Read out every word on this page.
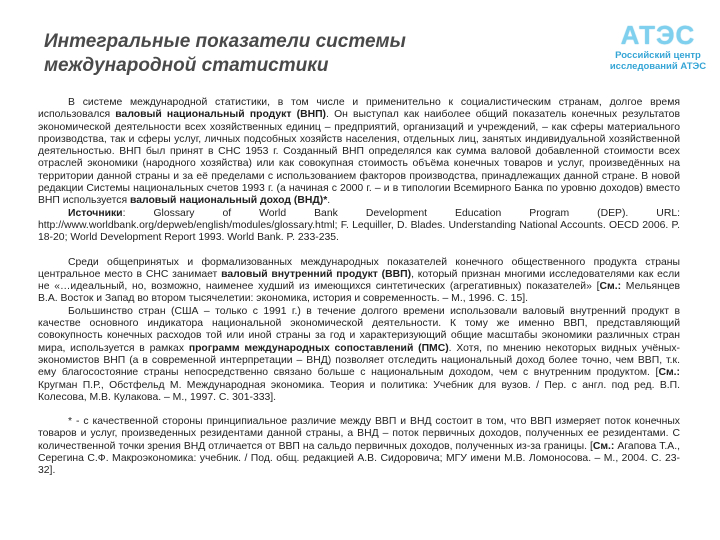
Интегральные показатели системы
международной статистики
АТЭС
Российский центр
исследований АТЭС

В системе международной статистики, в том числе и применительно к социалистическим странам, долгое время использовался валовый национальный продукт (ВНП). Он выступал как наиболее общий показатель конечных результатов экономической деятельности всех хозяйственных единиц – предприятий, организаций и учреждений, – как сферы материального производства, так и сферы услуг, личных подсобных хозяйств населения, отдельных лиц, занятых индивидуальной хозяйственной деятельностью. ВНП был принят в СНС 1953 г. Созданный ВНП определялся как сумма валовой добавленной стоимости всех отраслей экономики (народного хозяйства) или как совокупная стоимость объёма конечных товаров и услуг, произведённых на территории данной страны и за её пределами с использованием факторов производства, принадлежащих данной стране. В новой редакции Системы национальных счетов 1993 г. (а начиная с 2000 г. – и в типологии Всемирного Банка по уровню доходов) вместо ВНП используется валовый национальный доход (ВНД)*.

Источники: Glossary of World Bank Development Education Program (DEP). URL: http://www.worldbank.org/depweb/english/modules/glossary.html; F. Lequiller, D. Blades. Understanding National Accounts. OECD 2006. P. 18-20; World Development Report 1993. World Bank. P. 233-235.

Среди общепринятых и формализованных международных показателей конечного общественного продукта страны центральное место в СНС занимает валовый внутренний продукт (ВВП), который признан многими исследователями как если не «…идеальный, но, возможно, наименее худший из имеющихся синтетических (агрегативных) показателей» [См.: Мельянцев В.А. Восток и Запад во втором тысячелетии: экономика, история и современность. – М., 1996. С. 15].

Большинство стран (США – только с 1991 г.) в течение долгого времени использовали валовый внутренний продукт в качестве основного индикатора национальной экономической деятельности. К тому же именно ВВП, представляющий совокупность конечных расходов той или иной страны за год и характеризующий общие масштабы экономики различных стран мира, используется в рамках программ международных сопоставлений (ПМС). Хотя, по мнению некоторых видных учёных-экономистов ВНП (а в современной интерпретации – ВНД) позволяет отследить национальный доход более точно, чем ВВП, т.к. ему благосостояние страны непосредственно связано больше с национальным доходом, чем с внутренним продуктом. [См.: Кругман П.Р., Обстфельд М. Международная экономика. Теория и политика: Учебник для вузов. / Пер. с англ. под ред. В.П. Колесова, М.В. Кулакова. – М., 1997. С. 301-333].

* - с качественной стороны принципиальное различие между ВВП и ВНД состоит в том, что ВВП измеряет поток конечных товаров и услуг, произведенных резидентами данной страны, а ВНД – поток первичных доходов, полученных ее резидентами. С количественной точки зрения ВНД отличается от ВВП на сальдо первичных доходов, полученных из-за границы. [См.: Агапова Т.А., Серегина С.Ф. Макроэкономика: учебник. / Под. общ. редакцией А.В. Сидоровича; МГУ имени М.В. Ломоносова. – М., 2004. С. 23-32].
